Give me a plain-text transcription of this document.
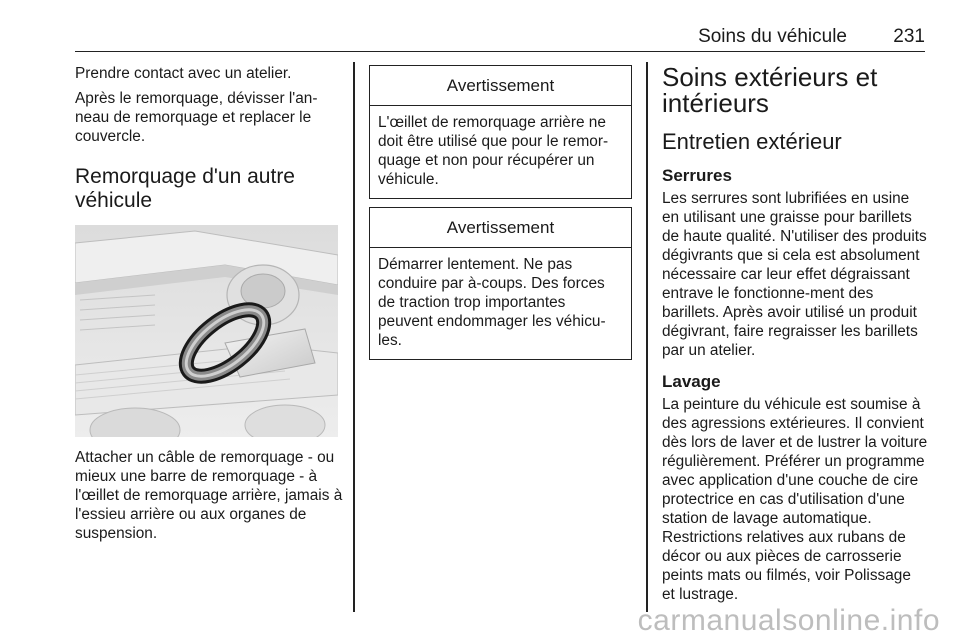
Soins du véhicule 231

Prendre contact avec un atelier.

Après le remorquage, dévisser l'an-neau de remorquage et replacer le couvercle.

Remorquage d'un autre véhicule

Attacher un câble de remorquage - ou mieux une barre de remorquage - à l'œillet de remorquage arrière, jamais à l'essieu arrière ou aux organes de suspension.

Avertissement

L'œillet de remorquage arrière ne doit être utilisé que pour le remor-quage et non pour récupérer un véhicule.

Avertissement

Démarrer lentement. Ne pas conduire par à-coups. Des forces de traction trop importantes peuvent endommager les véhicu-les.

Soins extérieurs et intérieurs
Entretien extérieur
Serrures

Les serrures sont lubrifiées en usine en utilisant une graisse pour barillets de haute qualité. N'utiliser des produits dégivrants que si cela est absolument nécessaire car leur effet dégraissant entrave le fonctionne-ment des barillets. Après avoir utilisé un produit dégivrant, faire regraisser les barillets par un atelier.

Lavage

La peinture du véhicule est soumise à des agressions extérieures. Il convient dès lors de laver et de lustrer la voiture régulièrement. Préférer un programme avec application d'une couche de cire protectrice en cas d'utilisation d'une station de lavage automatique. Restrictions relatives aux rubans de décor ou aux pièces de carrosserie peints mats ou filmés, voir Polissage et lustrage.

carmanualsonline.info
